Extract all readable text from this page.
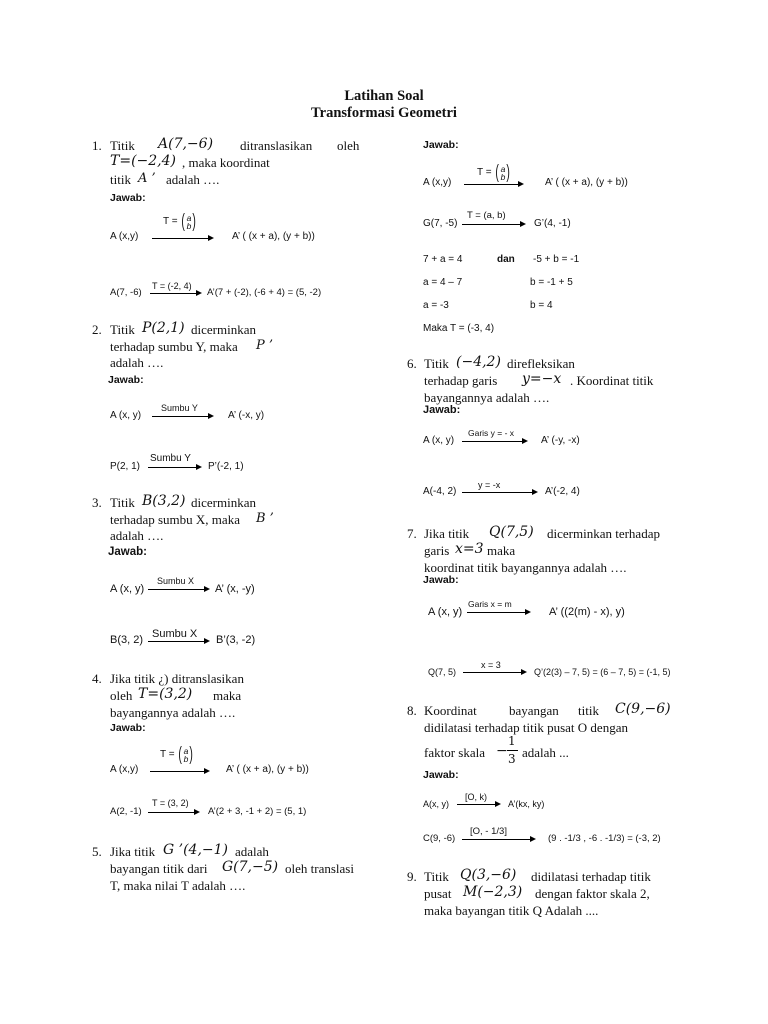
Latihan Soal
Transformasi Geometri
1. Titik A(7,−6) ditranslasikan oleh
T=(−2,4) , maka koordinat
titik A ’ adalah ….
Jawab:
T = (a
b)
A (x,y)	A’ ( (x + a), (y + b))
T = (-2, 4)
A(7, -6)	A’(7 + (-2), (-6 + 4) = (5, -2)
2. Titik P(2,1) dicerminkan
terhadap sumbu Y, maka P ’
adalah ….
Jawab:
Sumbu Y
A (x, y)	A’ (-x, y)
Sumbu Y
P(2, 1)	P’(-2, 1)
3. Titik B(3,2) dicerminkan
terhadap sumbu X, maka B ’
adalah ….
Jawab:
Sumbu X
A (x, y)	A’ (x, -y)
Sumbu X
B(3, 2)	B’(3, -2)
4. Jika titik ¿) ditranslasikan
oleh T=(3,2) maka
bayangannya adalah ….
Jawab:
T = (a
b)
A (x,y)	A’ ( (x + a), (y + b))
T = (3, 2)
A(2, -1)	A’(2 + 3, -1 + 2) = (5, 1)
5. Jika titik G ’(4,−1) adalah
bayangan titik dari G(7,−5) oleh translasi
T, maka nilai T adalah ….
Jawab:
T = (a
b)
A (x,y)	A’ ( (x + a), (y + b))
T = (a, b)
G(7, -5)	G’(4, -1)
7 + a = 4	dan -5 + b = -1
a = 4 – 7	b = -1 + 5
a = -3	b = 4
Maka T = (-3, 4)
6. Titik (−4,2) direfleksikan
terhadap garis y=−x . Koordinat titik
bayangannya adalah ….
Jawab:
Garis y = - x
A (x, y)	A’ (-y, -x)
y = -x
A(-4, 2)	A’(-2, 4)
7. Jika titik Q(7,5) dicerminkan terhadap
garis x=3 maka
koordinat titik bayangannya adalah ….
Jawab:
Garis x = m
A (x, y)	A’ ((2(m) - x), y)
x = 3
Q(7, 5)	Q’(2(3) – 7, 5) = (6 – 7, 5) = (-1, 5)
8. Koordinat bayangan titik C(9,−6)
didilatasi terhadap titik pusat O dengan
faktor skala −
1
3 adalah ...
Jawab:
[O, k)
A(x, y)	A’(kx, ky)
[O, - 1/3]
C(9, -6)	(9 . -1/3 , -6 . -1/3) = (-3, 2)
9. Titik Q(3,−6) didilatasi terhadap titik
pusat M(−2,3) dengan faktor skala 2,
maka bayangan titik Q Adalah ....
